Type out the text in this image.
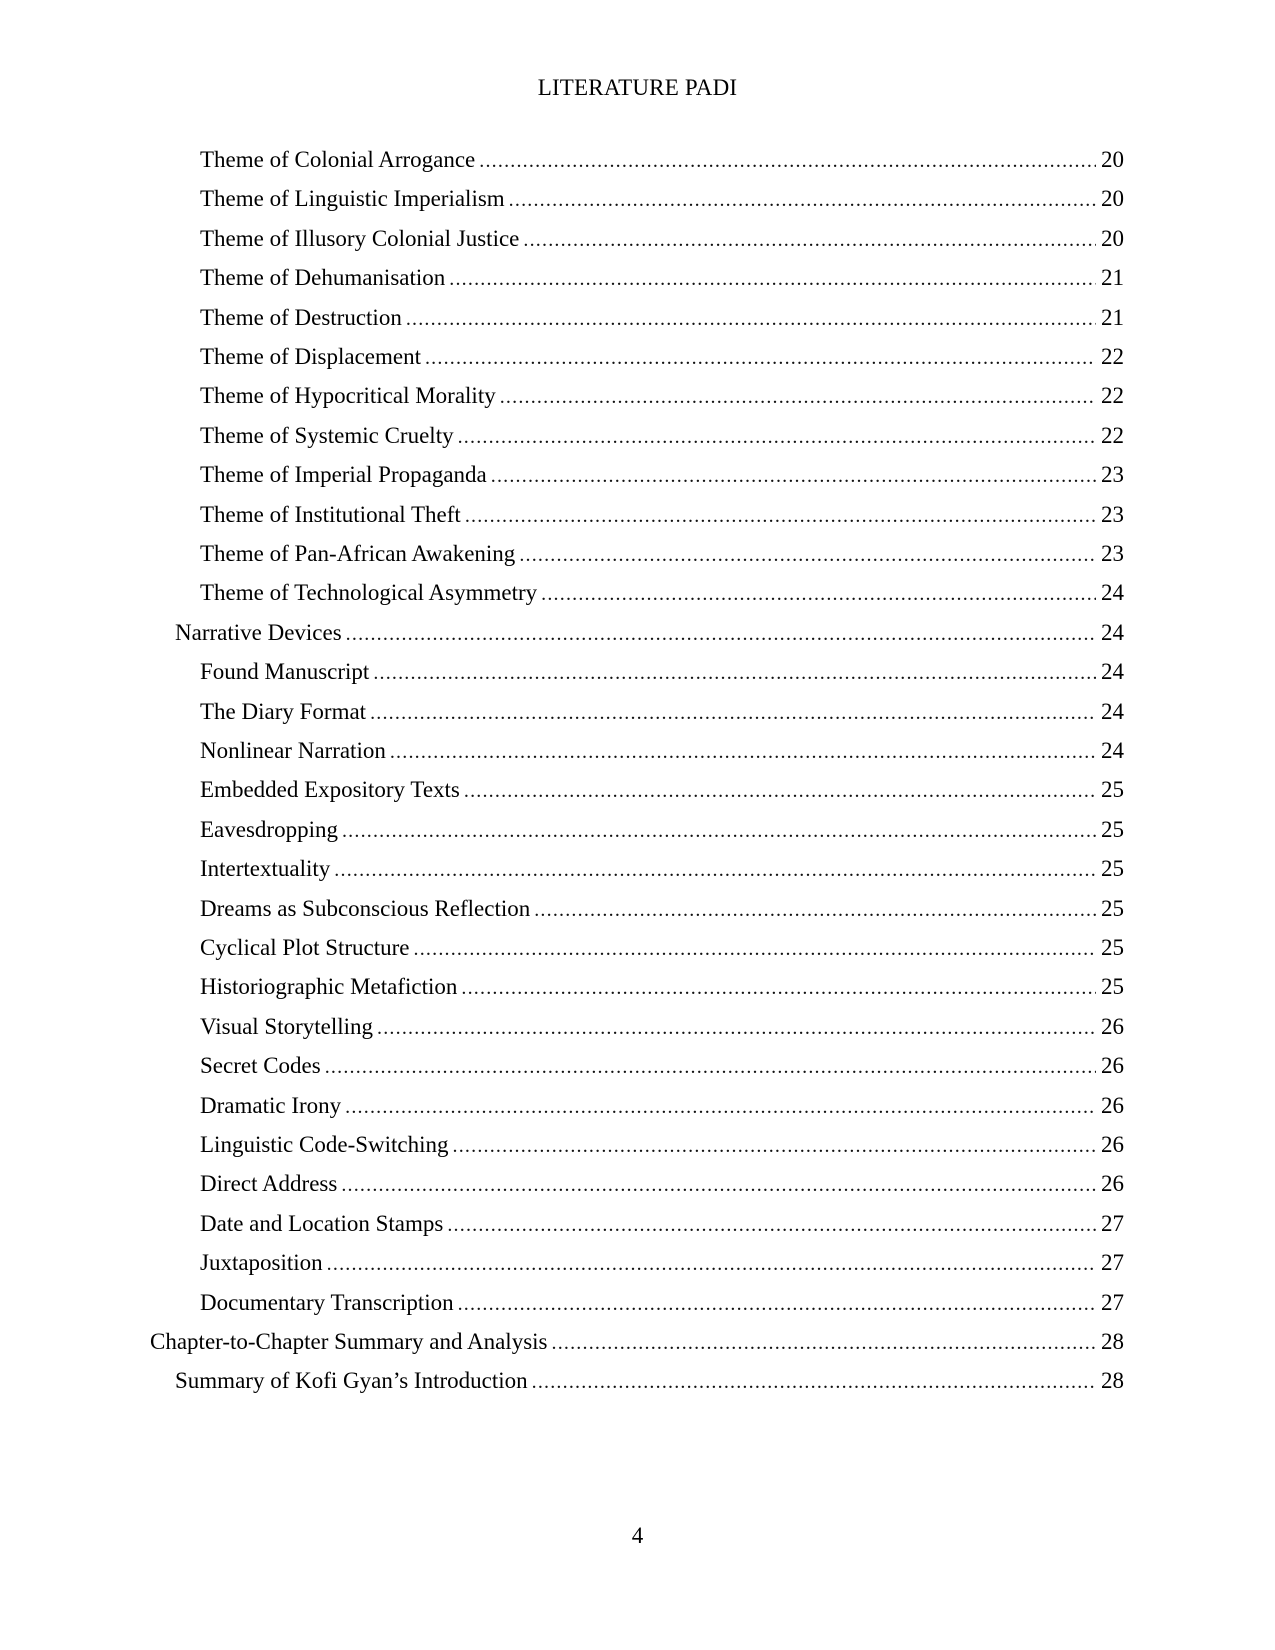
LITERATURE PADI
Theme of Colonial Arrogance .....	20
Theme of Linguistic Imperialism .....	20
Theme of Illusory Colonial Justice .....	20
Theme of Dehumanisation .....	21
Theme of Destruction .....	21
Theme of Displacement .....	22
Theme of Hypocritical Morality .....	22
Theme of Systemic Cruelty .....	22
Theme of Imperial Propaganda .....	23
Theme of Institutional Theft .....	23
Theme of Pan-African Awakening .....	23
Theme of Technological Asymmetry .....	24
Narrative Devices .....	24
Found Manuscript .....	24
The Diary Format .....	24
Nonlinear Narration .....	24
Embedded Expository Texts .....	25
Eavesdropping .....	25
Intertextuality .....	25
Dreams as Subconscious Reflection .....	25
Cyclical Plot Structure .....	25
Historiographic Metafiction .....	25
Visual Storytelling .....	26
Secret Codes .....	26
Dramatic Irony .....	26
Linguistic Code-Switching .....	26
Direct Address .....	26
Date and Location Stamps .....	27
Juxtaposition .....	27
Documentary Transcription .....	27
Chapter-to-Chapter Summary and Analysis .....	28
Summary of Kofi Gyan’s Introduction .....	28
4
